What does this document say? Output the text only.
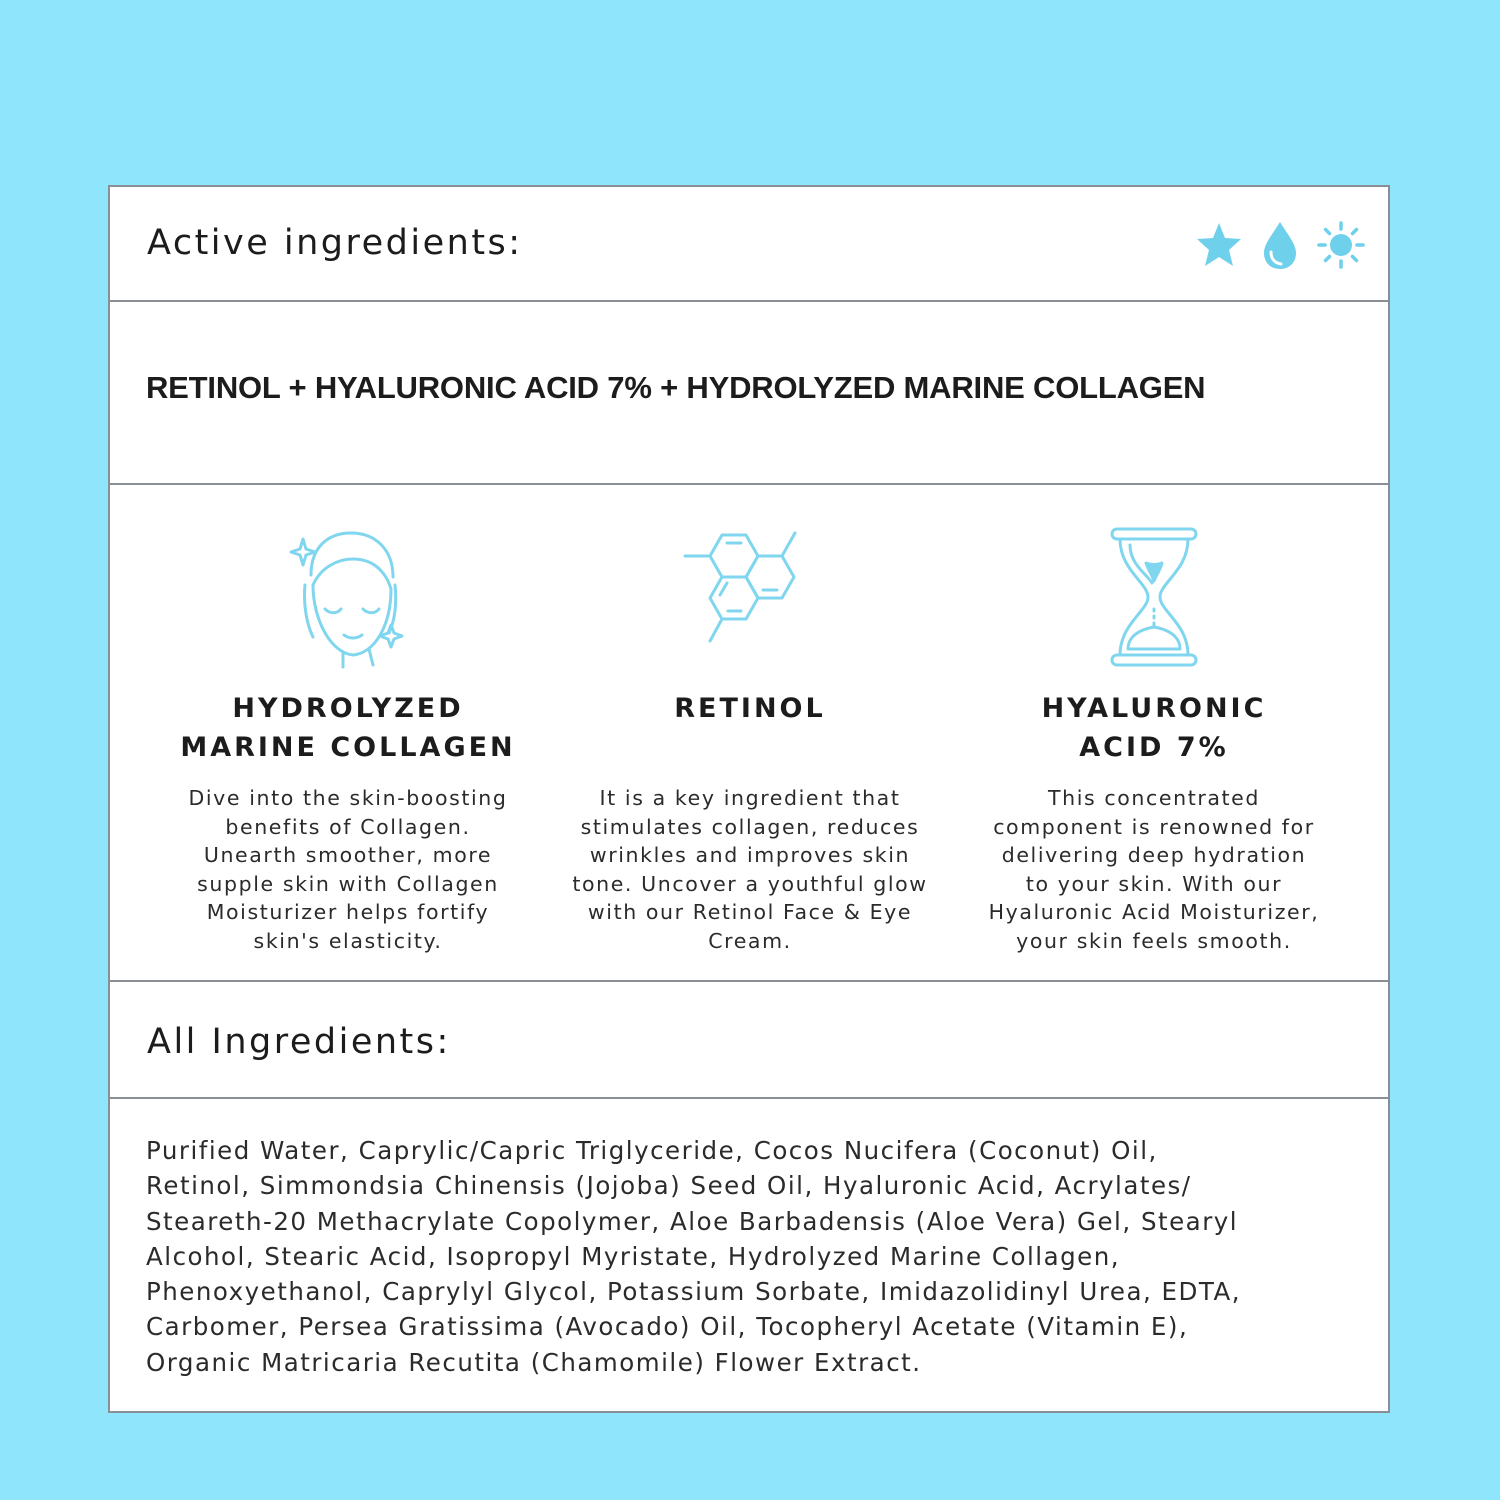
Active ingredients:
RETINOL + HYALURONIC ACID 7% + HYDROLYZED MARINE COLLAGEN
HYDROLYZED
MARINE COLLAGEN

Dive into the skin-boosting
benefits of Collagen.
Unearth smoother, more
supple skin with Collagen
Moisturizer helps fortify
skin's elasticity.

RETINOL

It is a key ingredient that
stimulates collagen, reduces
wrinkles and improves skin
tone. Uncover a youthful glow
with our Retinol Face & Eye
Cream.

HYALURONIC
ACID 7%

This concentrated
component is renowned for
delivering deep hydration
to your skin. With our
Hyaluronic Acid Moisturizer,
your skin feels smooth.

All Ingredients:

Purified Water, Caprylic/Capric Triglyceride, Cocos Nucifera (Coconut) Oil,
Retinol, Simmondsia Chinensis (Jojoba) Seed Oil, Hyaluronic Acid, Acrylates/
Steareth-20 Methacrylate Copolymer, Aloe Barbadensis (Aloe Vera) Gel, Stearyl
Alcohol, Stearic Acid, Isopropyl Myristate, Hydrolyzed Marine Collagen,
Phenoxyethanol, Caprylyl Glycol, Potassium Sorbate, Imidazolidinyl Urea, EDTA,
Carbomer, Persea Gratissima (Avocado) Oil, Tocopheryl Acetate (Vitamin E),
Organic Matricaria Recutita (Chamomile) Flower Extract.
